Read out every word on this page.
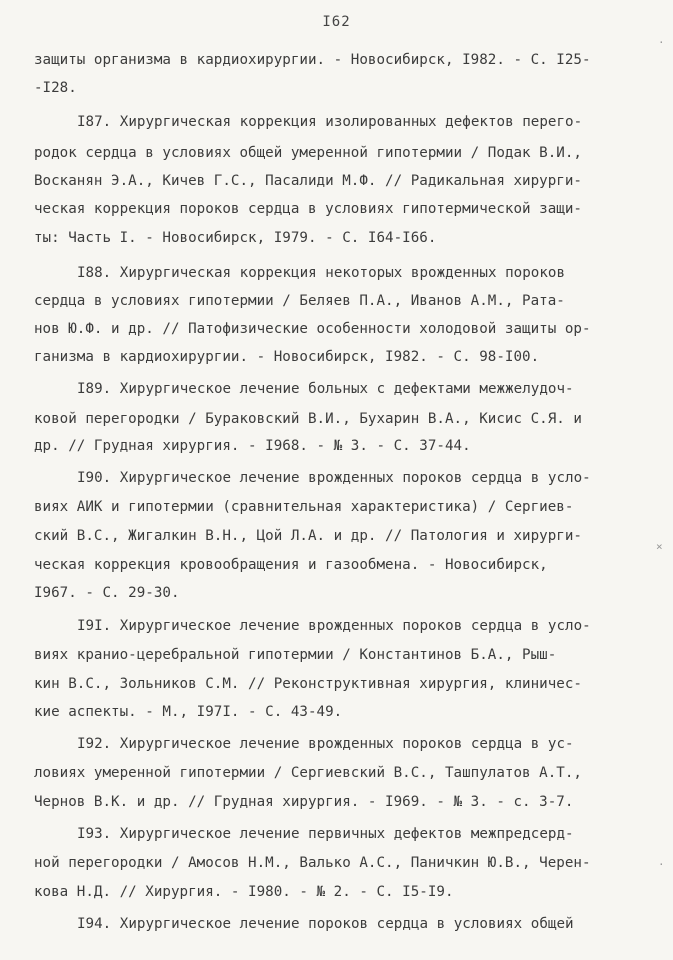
I62
защиты организма в кардиохирургии. - Новосибирск, I982. - С. I25-
-I28.
I87. Хирургическая коррекция изолированных дефектов перего-
родок сердца в условиях общей умеренной гипотермии / Подак В.И.,
Восканян Э.А., Кичев Г.С., Пасалиди М.Ф. // Радикальная хирурги-
ческая коррекция пороков сердца в условиях гипотермической защи-
ты: Часть I. - Новосибирск, I979. - С. I64-I66.
I88. Хирургическая коррекция некоторых врожденных пороков
сердца в условиях гипотермии / Беляев П.А., Иванов А.М., Рата-
нов Ю.Ф. и др. // Патофизические особенности холодовой защиты ор-
ганизма в кардиохирургии. - Новосибирск, I982. - С. 98-I00.
I89. Хирургическое лечение больных с дефектами межжелудоч-
ковой перегородки / Бураковский В.И., Бухарин В.А., Кисис С.Я. и
др. // Грудная хирургия. - I968. - № 3. - С. 37-44.
I90. Хирургическое лечение врожденных пороков сердца в усло-
виях АИК и гипотермии (сравнительная характеристика) / Сергиев-
ский В.С., Жигалкин В.Н., Цой Л.А. и др. // Патология и хирурги-
ческая коррекция кровообращения и газообмена. - Новосибирск,
I967. - С. 29-30.
I9I. Хирургическое лечение врожденных пороков сердца в усло-
виях кранио-церебральной гипотермии / Константинов Б.А., Рыш-
кин В.С., Зольников С.М. // Реконструктивная хирургия, клиничес-
кие аспекты. - М., I97I. - С. 43-49.
I92. Хирургическое лечение врожденных пороков сердца в ус-
ловиях умеренной гипотермии / Сергиевский В.С., Ташпулатов А.Т.,
Чернов В.К. и др. // Грудная хирургия. - I969. - № 3. - с. 3-7.
I93. Хирургическое лечение первичных дефектов межпредсерд-
ной перегородки / Амосов Н.М., Валько А.С., Паничкин Ю.В., Черен-
кова Н.Д. // Хирургия. - I980. - № 2. - С. I5-I9.
I94. Хирургическое лечение пороков сердца в условиях общей
·
×
·
